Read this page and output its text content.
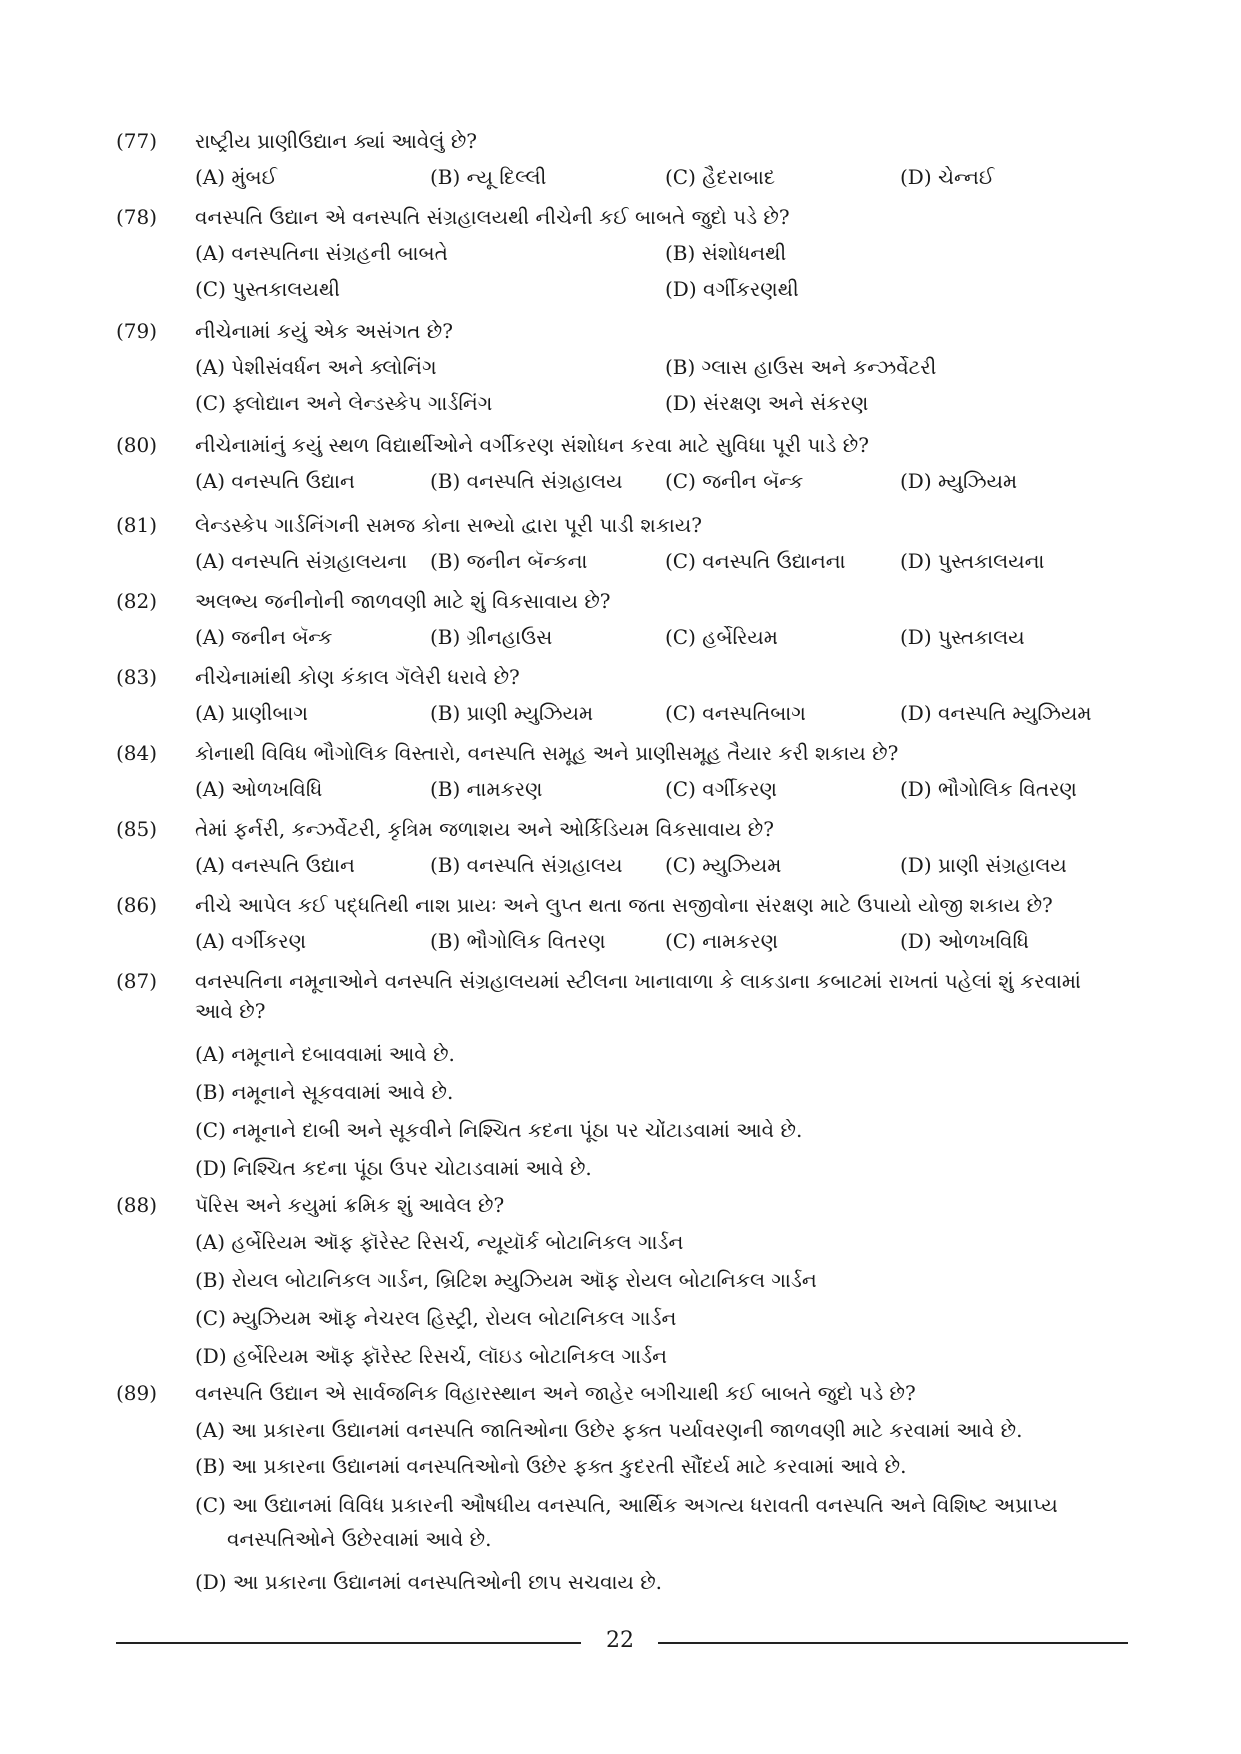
(77) રાષ્ટ્રીય પ્રાણીઉદ્યાન ક્યાં આવેલું છે?
(A) મુંબઈ	(B) ન્યૂ દિલ્લી	(C) હૈદરાબાદ	(D) ચેન્નઈ
(78) વનસ્પતિ ઉદ્યાન એ વનસ્પતિ સંગ્રહાલયથી નીચેની કઈ બાબતે જુદો પડે છે?
(A) વનસ્પતિના સંગ્રહની બાબતે	(B) સંશોધનથી
(C) પુસ્તકાલયથી	(D) વર્ગીકરણથી
(79) નીચેનામાં કયું એક અસંગત છે?
(A) પેશીસંવર્ધન અને ક્લોનિંગ	(B) ગ્લાસ હાઉસ અને કન્ઝર્વેટરી
(C) ફ્લોદ્યાન અને લેન્ડસ્કેપ ગાર્ડનિંગ	(D) સંરક્ષણ અને સંકરણ
(80) નીચેનામાંનું કયું સ્થળ વિદ્યાર્થીઓને વર્ગીકરણ સંશોધન કરવા માટે સુવિધા પૂરી પાડે છે?
(A) વનસ્પતિ ઉદ્યાન	(B) વનસ્પતિ સંગ્રહાલય (C) જનીન બૅન્ક	(D) મ્યુઝિયમ
(81) લેન્ડસ્કેપ ગાર્ડનિંગની સમજ કોના સભ્યો દ્વારા પૂરી પાડી શકાય?
(A) વનસ્પતિ સંગ્રહાલયના (B) જનીન બૅન્કના	(C) વનસ્પતિ ઉદ્યાનના	(D) પુસ્તકાલયના
(82) અલભ્ય જનીનોની જાળવણી માટે શું વિકસાવાય છે?
(A) જનીન બૅન્ક	(B) ગ્રીનહાઉસ	(C) હર્બેરિયમ	(D) પુસ્તકાલય
(83) નીચેનામાંથી કોણ કંકાલ ગૅલેરી ધરાવે છે?
(A) પ્રાણીબાગ	(B) પ્રાણી મ્યુઝિયમ	(C) વનસ્પતિબાગ	(D) વનસ્પતિ મ્યુઝિયમ
(84) કોનાથી વિવિધ ભૌગોલિક વિસ્તારો, વનસ્પતિ સમૂહ અને પ્રાણીસમૂહ તૈયાર કરી શકાય છે?
(A) ઓળખવિધિ	(B) નામકરણ	(C) વર્ગીકરણ	(D) ભૌગોલિક વિતરણ
(85) તેમાં ફર્નરી, કન્ઝર્વેટરી, કૃત્રિમ જળાશય અને ઓર્કિડિયમ વિકસાવાય છે?
(A) વનસ્પતિ ઉદ્યાન	(B) વનસ્પતિ સંગ્રહાલય (C) મ્યુઝિયમ	(D) પ્રાણી સંગ્રહાલય
(86) નીચે આપેલ કઈ પદ્ધતિથી નાશ પ્રાયઃ અને લુપ્ત થતા જતા સજીવોના સંરક્ષણ માટે ઉપાયો યોજી શકાય છે?
(A) વર્ગીકરણ	(B) ભૌગોલિક વિતરણ	(C) નામકરણ	(D) ઓળખવિધિ
(87) વનસ્પતિના નમૂનાઓને વનસ્પતિ સંગ્રહાલયમાં સ્ટીલના ખાનાવાળા કે લાકડાના કબાટમાં રાખતાં પહેલાં શું કરવામાં આવે છે?
(A) નમૂનાને દબાવવામાં આવે છે.
(B) નમૂનાને સૂકવવામાં આવે છે.
(C) નમૂનાને દાબી અને સૂકવીને નિશ્ચિત કદના પૂંઠા પર ચોંટાડવામાં આવે છે.
(D) નિશ્ચિત કદના પૂંઠા ઉપર ચોટાડવામાં આવે છે.
(88) પૅરિસ અને કયુમાં ક્રમિક શું આવેલ છે?
(A) હર્બેરિયમ ઑફ ફૉરેસ્ટ રિસર્ચ, ન્યૂયૉર્ક બોટાનિકલ ગાર્ડન
(B) રોયલ બોટાનિકલ ગાર્ડન, બ્રિટિશ મ્યુઝિયમ ઑફ રોયલ બોટાનિકલ ગાર્ડન
(C) મ્યુઝિયમ ઑફ નેચરલ હિસ્ટ્રી, રોયલ બોટાનિકલ ગાર્ડન
(D) હર્બેરિયમ ઑફ ફૉરેસ્ટ રિસર્ચ, લૉઇડ બોટાનિકલ ગાર્ડન
(89) વનસ્પતિ ઉદ્યાન એ સાર્વજનિક વિહારસ્થાન અને જાહેર બગીચાથી કઈ બાબતે જુદો પડે છે?
(A) આ પ્રકારના ઉદ્યાનમાં વનસ્પતિ જાતિઓના ઉછેર ફક્ત પર્યાવરણની જાળવણી માટે કરવામાં આવે છે.
(B) આ પ્રકારના ઉદ્યાનમાં વનસ્પતિઓનો ઉછેર ફક્ત કુદરતી સૌંદર્ય માટે કરવામાં આવે છે.
(C) આ ઉદ્યાનમાં વિવિધ પ્રકારની ઔષધીય વનસ્પતિ, આર્થિક અગત્ય ધરાવતી વનસ્પતિ અને વિશિષ્ટ અપ્રાપ્ય વનસ્પતિઓને ઉછેરવામાં આવે છે.
(D) આ પ્રકારના ઉદ્યાનમાં વનસ્પતિઓની છાપ સચવાય છે.
22
